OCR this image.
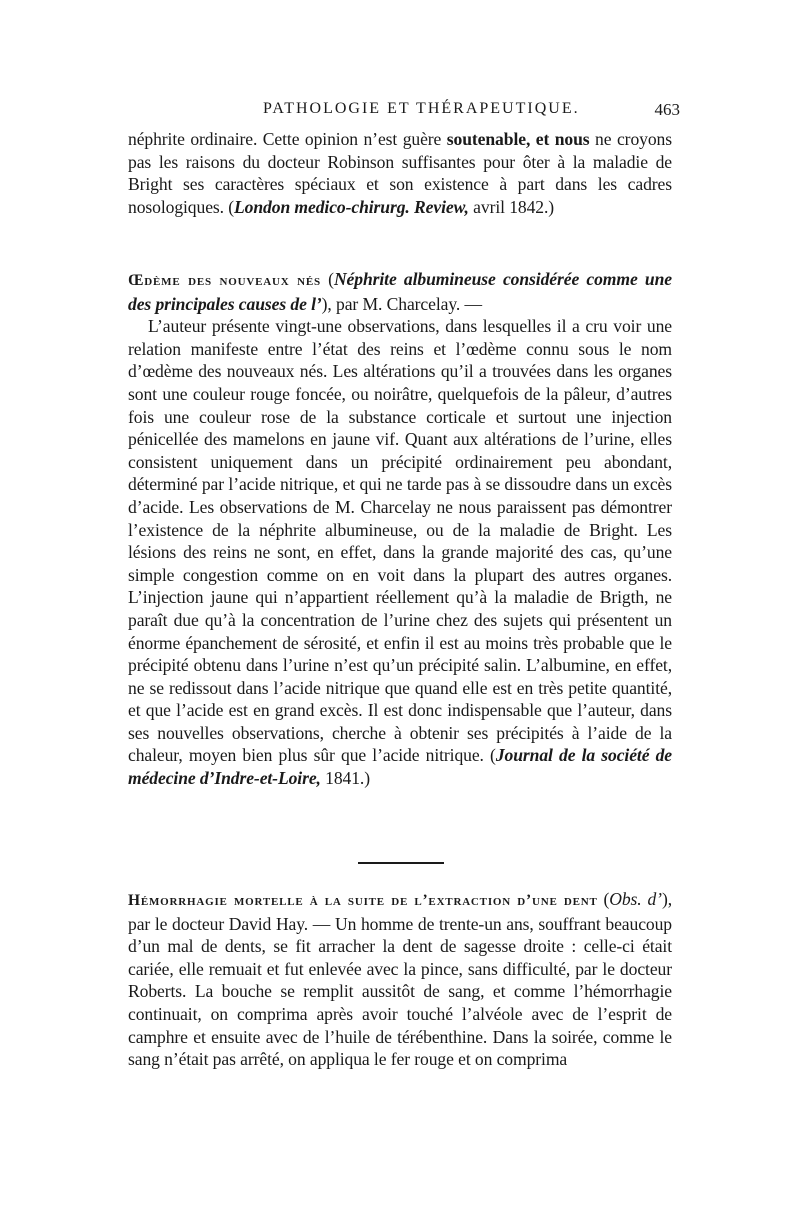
PATHOLOGIE ET THÉRAPEUTIQUE.	463

néphrite ordinaire. Cette opinion n’est guère soutenable, et nous ne croyons pas les raisons du docteur Robinson suffisantes pour ôter à la maladie de Bright ses caractères spéciaux et son existence à part dans les cadres nosologiques. (London medico-chirurg. Review, avril 1842.)

Œdème des nouveaux nés (Néphrite albumineuse considérée comme une des principales causes de l’), par M. Charcelay. —

L’auteur présente vingt-une observations, dans lesquelles il a cru voir une relation manifeste entre l’état des reins et l’œdème connu sous le nom d’œdème des nouveaux nés. Les altérations qu’il a trouvées dans les organes sont une couleur rouge foncée, ou noirâtre, quelquefois de la pâleur, d’autres fois une couleur rose de la substance corticale et surtout une injection pénicellée des mamelons en jaune vif. Quant aux altérations de l’urine, elles consistent uniquement dans un précipité ordinairement peu abondant, déterminé par l’acide nitrique, et qui ne tarde pas à se dissoudre dans un excès d’acide. Les observations de M. Charcelay ne nous paraissent pas démontrer l’existence de la néphrite albumineuse, ou de la maladie de Bright. Les lésions des reins ne sont, en effet, dans la grande majorité des cas, qu’une simple congestion comme on en voit dans la plupart des autres organes. L’injection jaune qui n’appartient réellement qu’à la maladie de Brigth, ne paraît due qu’à la concentration de l’urine chez des sujets qui présentent un énorme épanchement de sérosité, et enfin il est au moins très probable que le précipité obtenu dans l’urine n’est qu’un précipité salin. L’albumine, en effet, ne se redissout dans l’acide nitrique que quand elle est en très petite quantité, et que l’acide est en grand excès. Il est donc indispensable que l’auteur, dans ses nouvelles observations, cherche à obtenir ses précipités à l’aide de la chaleur, moyen bien plus sûr que l’acide nitrique. (Journal de la société de médecine d’Indre-et-Loire, 1841.)

Hémorrhagie mortelle à la suite de l’extraction d’une dent (Obs. d’), par le docteur David Hay. — Un homme de trente-un ans, souffrant beaucoup d’un mal de dents, se fit arracher la dent de sagesse droite : celle-ci était cariée, elle remuait et fut enlevée avec la pince, sans difficulté, par le docteur Roberts. La bouche se remplit aussitôt de sang, et comme l’hémorrhagie continuait, on comprima après avoir touché l’alvéole avec de l’esprit de camphre et ensuite avec de l’huile de térébenthine. Dans la soirée, comme le sang n’était pas arrêté, on appliqua le fer rouge et on comprima
